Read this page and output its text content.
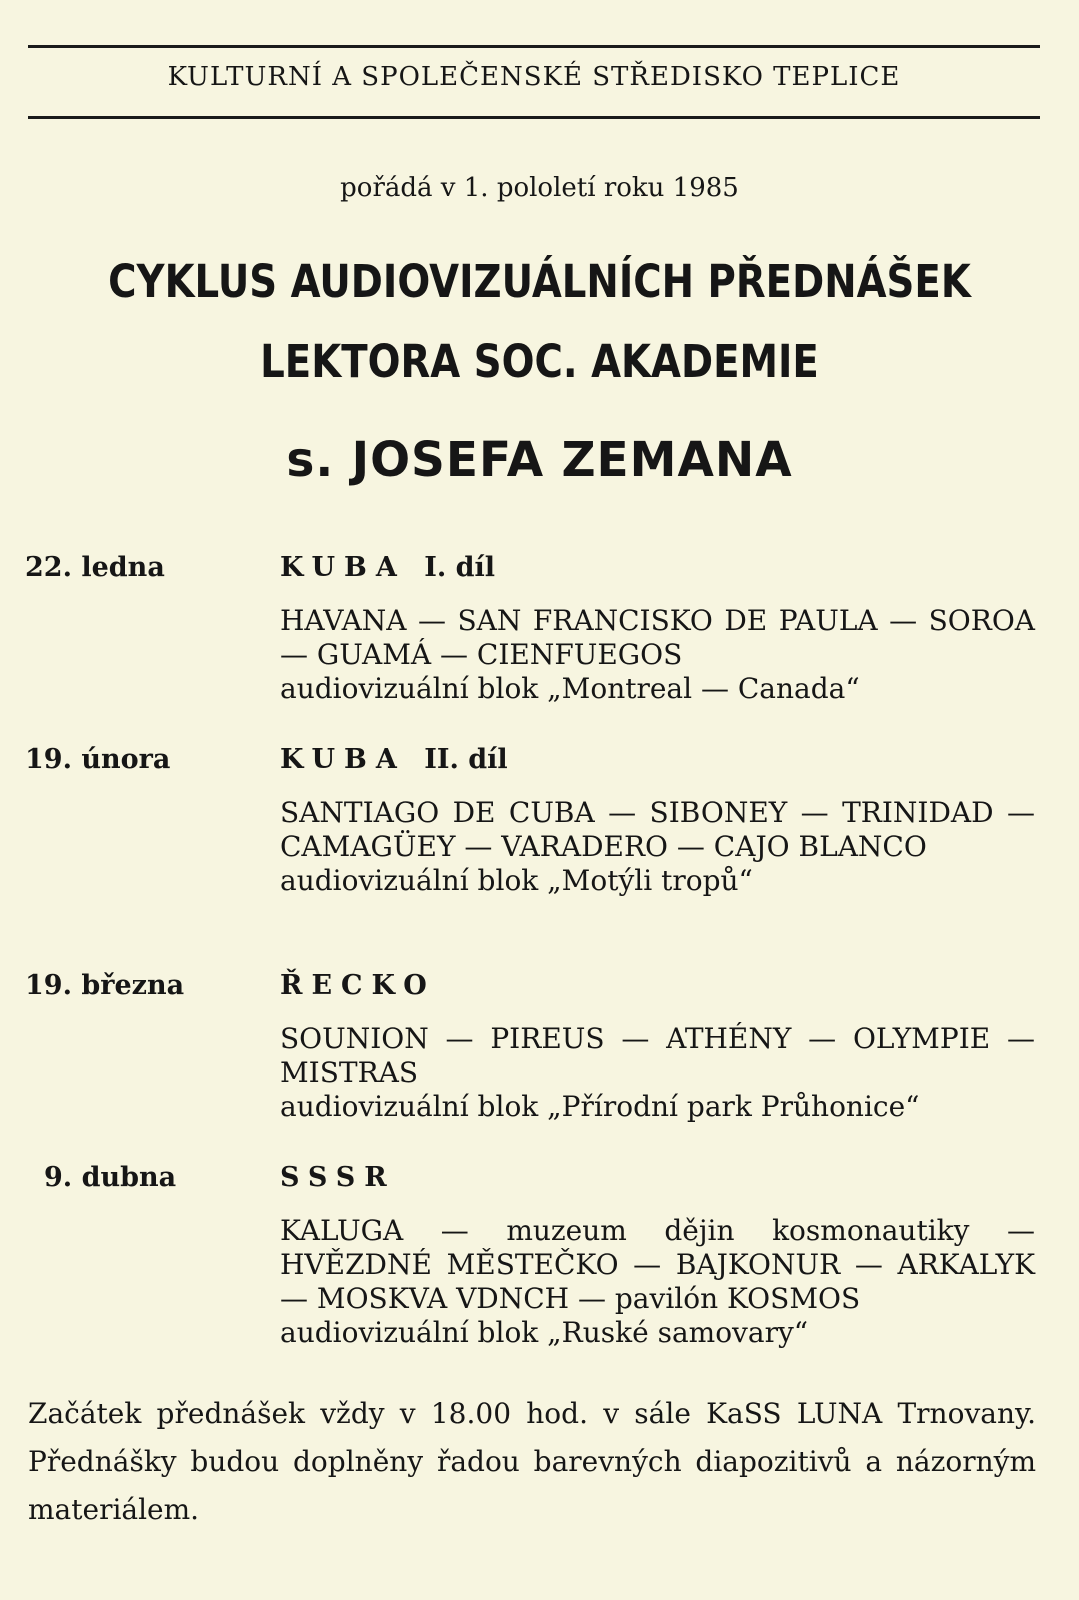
KULTURNÍ A SPOLEČENSKÉ STŘEDISKO TEPLICE
pořádá v 1. pololetí roku 1985
CYKLUS AUDIOVIZUÁLNÍCH PŘEDNÁŠEK
LEKTORA SOC. AKADEMIE
s. JOSEFA ZEMANA
22. ledna	KUBA I. díl
HAVANA — SAN FRANCISKO DE PAULA — SOROA — GUAMÁ — CIENFUEGOS
audiovizuální blok „Montreal — Canada“
19. února	KUBA II. díl
SANTIAGO DE CUBA — SIBONEY — TRINIDAD — CAMAGÜEY — VARADERO — CAJO BLANCO
audiovizuální blok „Motýli tropů“
19. března	ŘECKO
SOUNION — PIREUS — ATHÉNY — OLYMPIE — MISTRAS
audiovizuální blok „Přírodní park Průhonice“
9. dubna	SSSR
KALUGA — muzeum dějin kosmonautiky — HVĚZDNÉ MĚSTEČKO — BAJKONUR — ARKALYK — MOSKVA VDNCH — pavilón KOSMOS
audiovizuální blok „Ruské samovary“
Začátek přednášek vždy v 18.00 hod. v sále KaSS LUNA Trnovany. Přednášky budou doplněny řadou barevných diapozitivů a názorným materiálem.
